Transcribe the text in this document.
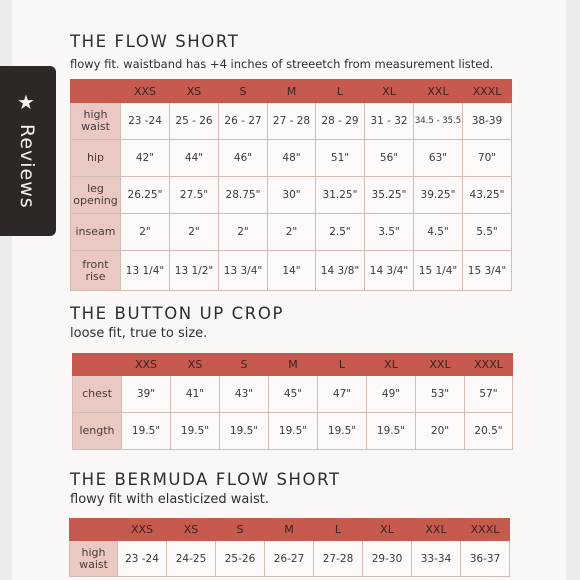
THE FLOW SHORT
flowy fit. waistband has +4 inches of streeetch from measurement listed.
	XXS	XS	S	M	L	XL	XXL	XXXL
high waist	23 -24	25 - 26	26 - 27	27 - 28	28 - 29	31 - 32	34.5 - 35.5	38-39
hip	42"	44"	46"	48"	51"	56"	63"	70"
leg opening	26.25"	27.5"	28.75"	30"	31.25"	35.25"	39.25"	43.25"
inseam	2"	2"	2"	2"	2.5"	3.5"	4.5"	5.5"
front rise	13 1/4"	13 1/2"	13 3/4"	14"	14 3/8"	14 3/4"	15 1/4"	15 3/4"
THE BUTTON UP CROP
loose fit, true to size.
	XXS	XS	S	M	L	XL	XXL	XXXL
chest	39"	41"	43"	45"	47"	49"	53"	57"
length	19.5"	19.5"	19.5"	19.5"	19.5"	19.5"	20"	20.5"
THE BERMUDA FLOW SHORT
flowy fit with elasticized waist.
	XXS	XS	S	M	L	XL	XXL	XXXL
high waist	23 -24	24-25	25-26	26-27	27-28	29-30	33-34	36-37
★
Reviews
